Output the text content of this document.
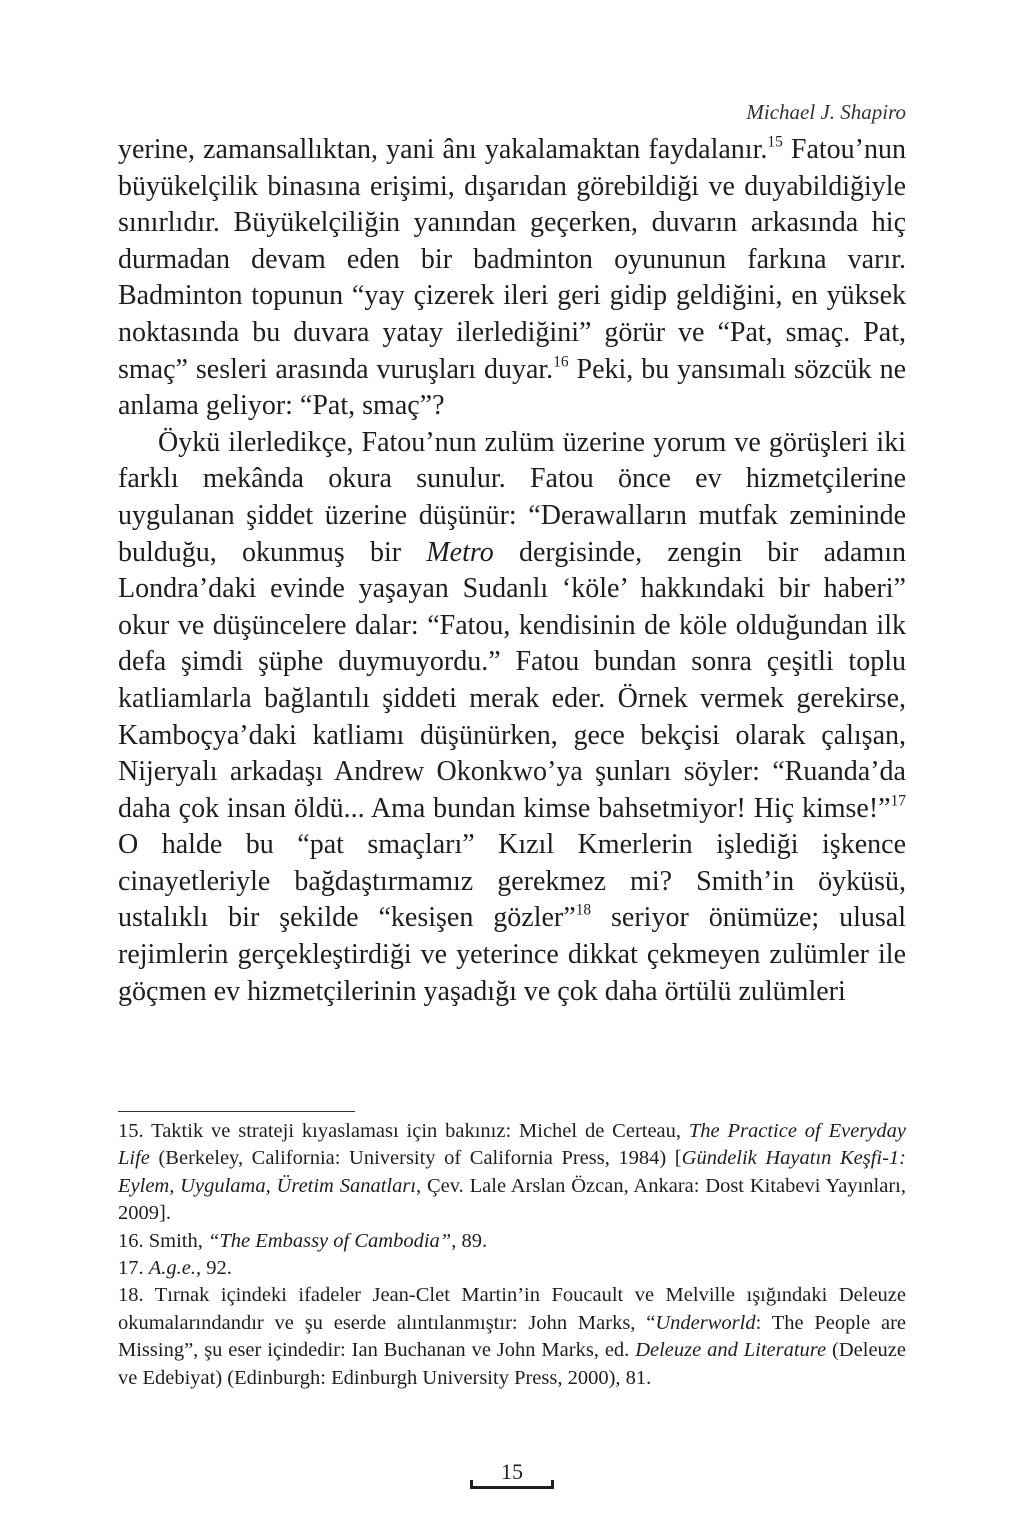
Michael J. Shapiro

yerine, zamansallıktan, yani ânı yakalamaktan faydalanır.$^{15}$ Fatou’nun büyükelçilik binasına erişimi, dışarıdan görebildiği ve duyabildiğiyle sınırlıdır. Büyükelçiliğin yanından geçerken, duvarın arkasında hiç durmadan devam eden bir badminton oyununun farkına varır. Badminton topunun “yay çizerek ileri geri gidip geldiğini, en yüksek noktasında bu duvara yatay ilerlediğini” görür ve “Pat, smaç. Pat, smaç” sesleri arasında vuruşları duyar.$^{16}$ Peki, bu yansımalı sözcük ne anlama geliyor: “Pat, smaç”?

Öykü ilerledikçe, Fatou’nun zulüm üzerine yorum ve görüşleri iki farklı mekânda okura sunulur. Fatou önce ev hizmetçilerine uygulanan şiddet üzerine düşünür: “Derawalların mutfak zemininde bulduğu, okunmuş bir Metro dergisinde, zengin bir adamın Londra’daki evinde yaşayan Sudanlı ‘köle’ hakkındaki bir haberi” okur ve düşüncelere dalar: “Fatou, kendisinin de köle olduğundan ilk defa şimdi şüphe duymuyordu.” Fatou bundan sonra çeşitli toplu katliamlarla bağlantılı şiddeti merak eder. Örnek vermek gerekirse, Kamboçya’daki katliamı düşünürken, gece bekçisi olarak çalışan, Nijeryalı arkadaşı Andrew Okonkwo’ya şunları söyler: “Ruanda’da daha çok insan öldü... Ama bundan kimse bahsetmiyor! Hiç kimse!”$^{17}$ O halde bu “pat smaçları” Kızıl Kmerlerin işlediği işkence cinayetleriyle bağdaştırmamız gerekmez mi? Smith’in öyküsü, ustalıklı bir şekilde “kesişen gözler”$^{18}$ seriyor önümüze; ulusal rejimlerin gerçekleştirdiği ve yeterince dikkat çekmeyen zulümler ile göçmen ev hizmetçilerinin yaşadığı ve çok daha örtülü zulümleri

15. Taktik ve strateji kıyaslaması için bakınız: Michel de Certeau, The Practice of Everyday Life (Berkeley, California: University of California Press, 1984) [Gündelik Hayatın Keşfi-1: Eylem, Uygulama, Üretim Sanatları, Çev. Lale Arslan Özcan, Ankara: Dost Kitabevi Yayınları, 2009].

16. Smith, “The Embassy of Cambodia”, 89.

17. A.g.e., 92.

18. Tırnak içindeki ifadeler Jean-Clet Martin’in Foucault ve Melville ışığındaki Deleuze okumalarındandır ve şu eserde alıntılanmıştır: John Marks, “Underworld: The People are Missing”, şu eser içindedir: Ian Buchanan ve John Marks, ed. Deleuze and Literature (Deleuze ve Edebiyat) (Edinburgh: Edinburgh University Press, 2000), 81.

15
